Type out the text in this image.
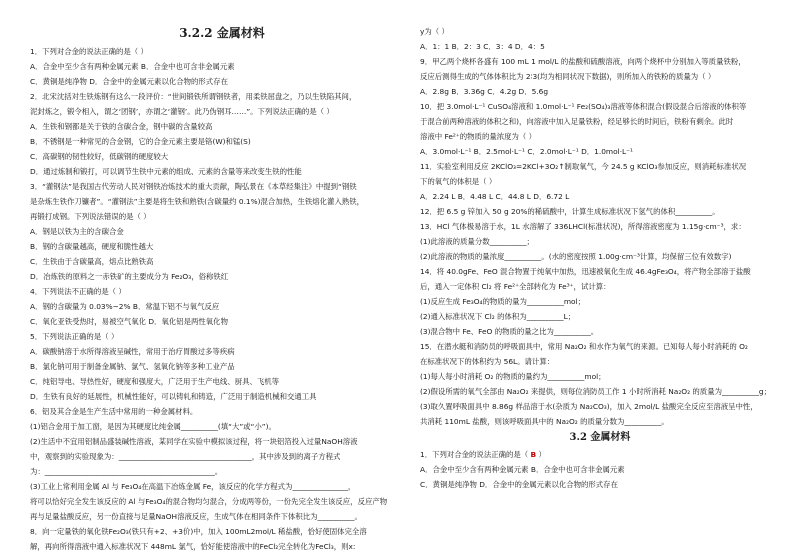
3.2.2 金属材料
1．下列对合金的说法正确的是（ ）
A．合金中至少含有两种金属元素 B．合金中也可含非金属元素
C．黄铜是纯净物 D．合金中的金属元素以化合物的形式存在
2．北宋沈括对生铁炼钢有这么一段评价：“世间锻铁所谓钢铁者，用柔铁屈盘之，乃以生铁陷其间，
泥封炼之，锻令相入，谓之‘团钢’，亦谓之‘灌钢’。此乃伪钢耳……”。下列说法正确的是（ ）
A．生铁和钢都是关于铁的含碳合金，钢中碳的含量较高
B．不锈钢是一种常见的合金钢，它的合金元素主要是铬(W)和锰(S)
C．高碳钢的韧性较好，低碳钢的硬度较大
D．通过炼制和锻打，可以调节生铁中元素的组成、元素的含量等来改变生铁的性能
3．“灌钢法”是我国古代劳动人民对钢铁冶炼技术的重大贡献，陶弘景在《本草经集注》中提到“钢铁
是杂炼生铁作刀镰者”。“灌钢法”主要是将生铁和熟铁(含碳量约 0.1%)混合加热，生铁熔化灌入熟铁，
再锻打成钢。下列说法错误的是（ ）
A．钢是以铁为主的含碳合金
B．钢的含碳量越高，硬度和脆性越大
C．生铁由于含碳量高，熔点比熟铁高
D．冶炼铁的原料之一赤铁矿的主要成分为 Fe₂O₃，俗称铁红
4．下列说法不正确的是（ ）
A．钢的含碳量为 0.03%~2% B．常温下铝不与氧气反应
C．氧化亚铁受热时，易被空气氧化 D．氧化铝是两性氧化物
5．下列说法正确的是（ ）
A．碳酸钠溶于水所得溶液呈碱性，常用于治疗胃酸过多等疾病
B．氯化钠可用于制备金属钠、氯气、氢氧化钠等多种工业产品
C．纯铝导电、导热性好，硬度和强度大，广泛用于生产电线、厨具、飞机等
D．生铁有良好的延展性，机械性能好，可以铸轧和铸造，广泛用于制造机械和交通工具
6．铝及其合金是生产生活中常用的一种金属材料。
(1)铝合金用于加工窗，是因为其硬度比纯金属__________(填“大”或“小”)。
(2)生活中不宜用铝制品盛装碱性溶液，某同学在实验中模拟该过程，将一块铝箔投入过量NaOH溶液
中，观察到的实验现象为：____________________________________，其中涉及到的离子方程式
为：______________________________________________。
(3)工业上常利用金属 Al 与 Fe₃O₄在高温下冶炼金属 Fe，该反应的化学方程式为_______________，
将可以恰好完全发生该反应的 Al 与Fe₃O₄的混合物均匀混合，分成两等份，一份先完全发生该反应，反应产物
再与足量盐酸反应，另一份直接与足量NaOH溶液反应，生成气体在相同条件下体积比为__________。
8．向一定量铁的氧化铁Fe₂O₃(铁只有+2、+3价)中，加入 100mL2mol/L 稀盐酸，恰好使固体完全溶
解，再向所得溶液中通入标准状况下 448mL 氯气，恰好能使溶液中的FeCl₂完全转化为FeCl₃，则x:
y为（ ）
A．1：1 B．2：3 C．3：4 D．4：5
9．甲乙两个烧杯各盛有 100 mL 1 mol/L 的盐酸和硫酸溶液，向两个烧杯中分别加入等质量铁粉，
反应后测得生成的气体体积比为 2∶3(均为相同状况下数据)，则所加入的铁粉的质量为（ ）
A．2.8g B．3.36g C．4.2g D．5.6g
10．把 3.0mol·L⁻¹ CuSO₄溶液和 1.0mol·L⁻¹ Fe₂(SO₄)₃溶液等体积混合(假设混合后溶液的体积等
于混合前两种溶液的体积之和)，向溶液中加入足量铁粉，经足够长的时间后，铁粉有剩余。此时
溶液中 Fe²⁺的物质的量浓度为（ ）
A．3.0mol·L⁻¹ B．2.5mol·L⁻¹ C．2.0mol·L⁻¹ D．1.0mol·L⁻¹
11．实验室利用反应 2KClO₃=2KCl+3O₂↑制取氧气，今 24.5 g KClO₃参加反应，则消耗标准状况
下的氧气的体积是（ ）
A．2.24 L B．4.48 L C．44.8 L D．6.72 L
12．把 6.5 g 锌加入 50 g 20%的稀硫酸中，计算生成标准状况下氢气的体积__________。
13．HCl 气体极易溶于水，1L 水溶解了 336LHCl(标准状况)，所得溶液密度为 1.15g·cm⁻³，求：
(1)此溶液的质量分数__________；
(2)此溶液的物质的量浓度__________。(水的密度按照 1.00g·cm⁻³计算，均保留三位有效数字)
14．将 40.0gFe、FeO 混合物置于纯氧中加热，迅速被氧化生成 46.4gFe₃O₄，将产物全部溶于盐酸
后，通入一定体积 Cl₂ 将 Fe²⁺全部转化为 Fe³⁺，试计算：
(1)反应生成 Fe₃O₄的物质的量为__________mol；
(2)通入标准状况下 Cl₂ 的体积为__________L；
(3)混合物中 Fe、FeO 的物质的量之比为__________。
15．在潜水艇和消防员的呼吸面具中，常用 Na₂O₂ 和水作为氧气的来源。已知每人每小时消耗的 O₂
在标准状况下的体积约为 56L。请计算：
(1)每人每小时消耗 O₂ 的物质的量约为__________mol；
(2)假设所需的氧气全部由 Na₂O₂ 来提供，则每位消防员工作 1 小时所消耗 Na₂O₂ 的质量为__________g；
(3)取久置呼吸面具中 8.86g 样品溶于水(杂质为 Na₂CO₃)，加入 2mol/L 盐酸完全反应至溶液呈中性，
共消耗 110mL 盐酸，则该呼吸面具中的 Na₂O₂ 的质量分数为__________。
3.2 金属材料
1．下列对合金的说法正确的是（ B ）
A．合金中至少含有两种金属元素 B．合金中也可含非金属元素
C．黄铜是纯净物 D．合金中的金属元素以化合物的形式存在
